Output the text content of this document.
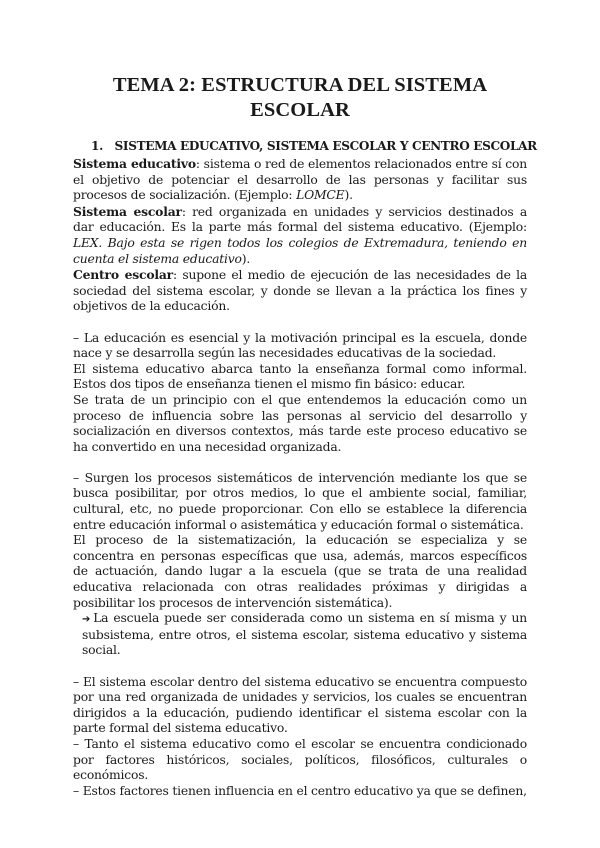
TEMA 2: ESTRUCTURA DEL SISTEMA
ESCOLAR
1. SISTEMA EDUCATIVO, SISTEMA ESCOLAR Y CENTRO ESCOLAR

Sistema educativo: sistema o red de elementos relacionados entre sí con el objetivo de potenciar el desarrollo de las personas y facilitar sus procesos de socialización. (Ejemplo: LOMCE).

Sistema escolar: red organizada en unidades y servicios destinados a dar educación. Es la parte más formal del sistema educativo. (Ejemplo: LEX. Bajo esta se rigen todos los colegios de Extremadura, teniendo en cuenta el sistema educativo).

Centro escolar: supone el medio de ejecución de las necesidades de la sociedad del sistema escolar, y donde se llevan a la práctica los fines y objetivos de la educación.

– La educación es esencial y la motivación principal es la escuela, donde nace y se desarrolla según las necesidades educativas de la sociedad.

El sistema educativo abarca tanto la enseñanza formal como informal. Estos dos tipos de enseñanza tienen el mismo fin básico: educar.

Se trata de un principio con el que entendemos la educación como un proceso de influencia sobre las personas al servicio del desarrollo y socialización en diversos contextos, más tarde este proceso educativo se ha convertido en una necesidad organizada.

– Surgen los procesos sistemáticos de intervención mediante los que se busca posibilitar, por otros medios, lo que el ambiente social, familiar, cultural, etc, no puede proporcionar. Con ello se establece la diferencia entre educación informal o asistemática y educación formal o sistemática.

El proceso de la sistematización, la educación se especializa y se concentra en personas específicas que usa, además, marcos específicos de actuación, dando lugar a la escuela (que se trata de una realidad educativa relacionada con otras realidades próximas y dirigidas a posibilitar los procesos de intervención sistemática).

➔ La escuela puede ser considerada como un sistema en sí misma y un subsistema, entre otros, el sistema escolar, sistema educativo y sistema social.

– El sistema escolar dentro del sistema educativo se encuentra compuesto por una red organizada de unidades y servicios, los cuales se encuentran dirigidos a la educación, pudiendo identificar el sistema escolar con la parte formal del sistema educativo.

– Tanto el sistema educativo como el escolar se encuentra condicionado por factores históricos, sociales, políticos, filosóficos, culturales o económicos.

– Estos factores tienen influencia en el centro educativo ya que se definen,
